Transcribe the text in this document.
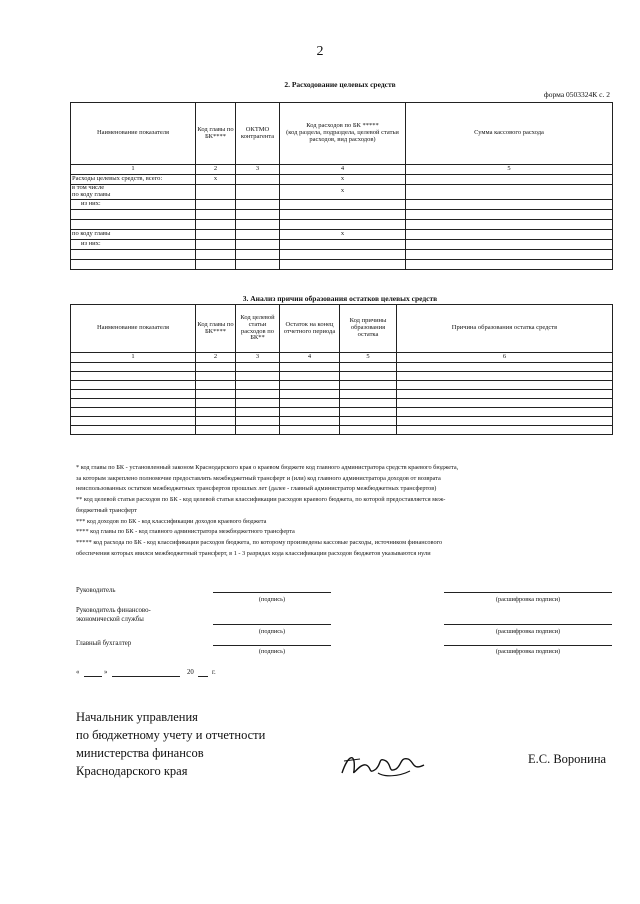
2
2. Расходование целевых средств
форма 0503324К с. 2
Наименование показателя	Код главы по БК****	ОКТМО контрагента	Код расходов по БК *****
(код раздела, подраздела, целевой статьи расходов, вид расходов)	Сумма кассового расхода
1	2	3	4	5
Расходы целевых средств, всего:	x		x	
в том числе
по коду главы			x	
из них:				

по коду главы			x	
из них:				

3. Анализ причин образования остатков целевых средств
Наименование показателя	Код главы по БК****	Код целевой статьи расходов по БК**	Остаток на конец отчетного периода	Код причины образования остатка	Причина образования остатка средств
1	2	3	4	5	6

* код главы по БК - установленный законом Краснодарского края о краевом бюджете код главного администратора средств краевого бюджета,
за которым закреплено полномочие предоставлять межбюджетный трансферт и (или) код главного администратора доходов от возврата
неиспользованных остатков межбюджетных трансфертов прошлых лет (далее - главный администратор межбюджетных трансфертов)
** код целевой статьи расходов по БК - код целевой статьи классификации расходов краевого бюджета, по которой предоставляется меж-
бюджетный трансферт
*** код доходов по БК - код классификации доходов краевого бюджета
**** код главы по БК - код главного администратора межбюджетного трансферта
***** код расхода по БК - код классификации расходов бюджета, по которому произведены кассовые расходы, источником финансового
обеспечения которых явился межбюджетный трансферт, в 1 - 3 разрядах кода классификации расходов бюджетов указываются нули
Руководитель
(подпись)	(расшифровка подписи)
Руководитель финансово-
экономической службы
(подпись)	(расшифровка подписи)
Главный бухгалтер
(подпись)	(расшифровка подписи)
«	»	20	г.
Начальник управления
по бюджетному учету и отчетности
министерства финансов
Краснодарского края
Е.С. Воронина
